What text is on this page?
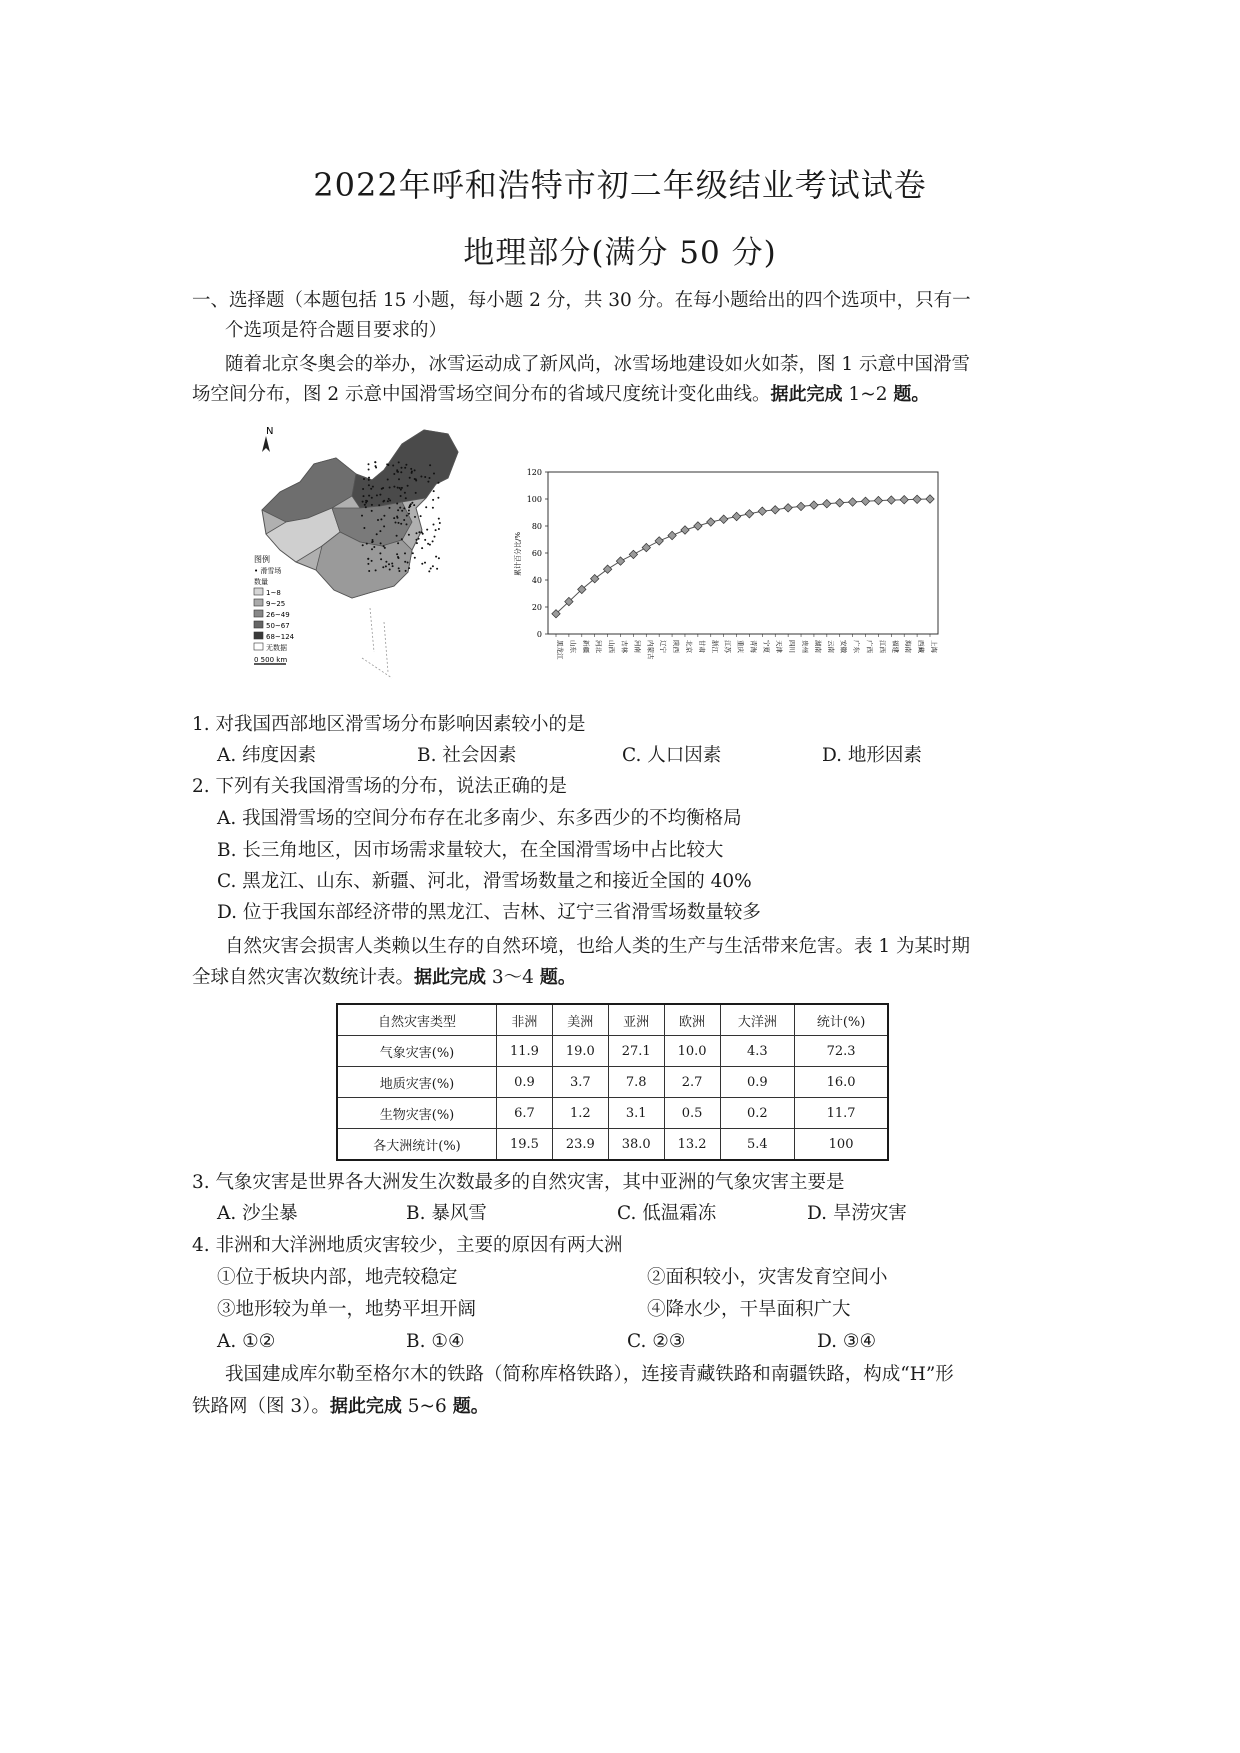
2022年呼和浩特市初二年级结业考试试卷
地理部分(满分 50 分)
一、选择题（本题包括 15 小题，每小题 2 分，共 30 分。在每小题给出的四个选项中，只有一
个选项是符合题目要求的）
随着北京冬奥会的举办，冰雪运动成了新风尚，冰雪场地建设如火如荼，图 1 示意中国滑雪
场空间分布，图 2 示意中国滑雪场空间分布的省域尺度统计变化曲线。据此完成 1~2 题。
N
图例
• 滑雪场
数量
1~8
9~25
26~49
50~67
68~124
无数据
0 500 km
累计百分比/%
0
20
40
60
80
100
120
黑龙江 山东 新疆 河北 山西 吉林 河南 内蒙古 辽宁 陕西 北京 甘肃 浙江 江苏 重庆 青海 宁夏 天津 四川 贵州 湖南 云南 安徽 广东 广西 江西 福建 海南 西藏 上海
1. 对我国西部地区滑雪场分布影响因素较小的是
A. 纬度因素	B. 社会因素	C. 人口因素	D. 地形因素
2. 下列有关我国滑雪场的分布，说法正确的是
A. 我国滑雪场的空间分布存在北多南少、东多西少的不均衡格局
B. 长三角地区，因市场需求量较大，在全国滑雪场中占比较大
C. 黑龙江、山东、新疆、河北，滑雪场数量之和接近全国的 40%
D. 位于我国东部经济带的黑龙江、吉林、辽宁三省滑雪场数量较多
自然灾害会损害人类赖以生存的自然环境，也给人类的生产与生活带来危害。表 1 为某时期
全球自然灾害次数统计表。据此完成 3～4 题。
自然灾害类型	非洲	美洲	亚洲	欧洲	大洋洲	统计(%)
气象灾害(%)	11.9	19.0	27.1	10.0	4.3	72.3
地质灾害(%)	0.9	3.7	7.8	2.7	0.9	16.0
生物灾害(%)	6.7	1.2	3.1	0.5	0.2	11.7
各大洲统计(%)	19.5	23.9	38.0	13.2	5.4	100
3. 气象灾害是世界各大洲发生次数最多的自然灾害，其中亚洲的气象灾害主要是
A. 沙尘暴	B. 暴风雪	C. 低温霜冻	D. 旱涝灾害
4. 非洲和大洋洲地质灾害较少，主要的原因有两大洲
①位于板块内部，地壳较稳定	②面积较小，灾害发育空间小
③地形较为单一，地势平坦开阔	④降水少，干旱面积广大
A. ①②	B. ①④	C. ②③	D. ③④
我国建成库尔勒至格尔木的铁路（简称库格铁路），连接青藏铁路和南疆铁路，构成“H”形
铁路网（图 3）。据此完成 5~6 题。
